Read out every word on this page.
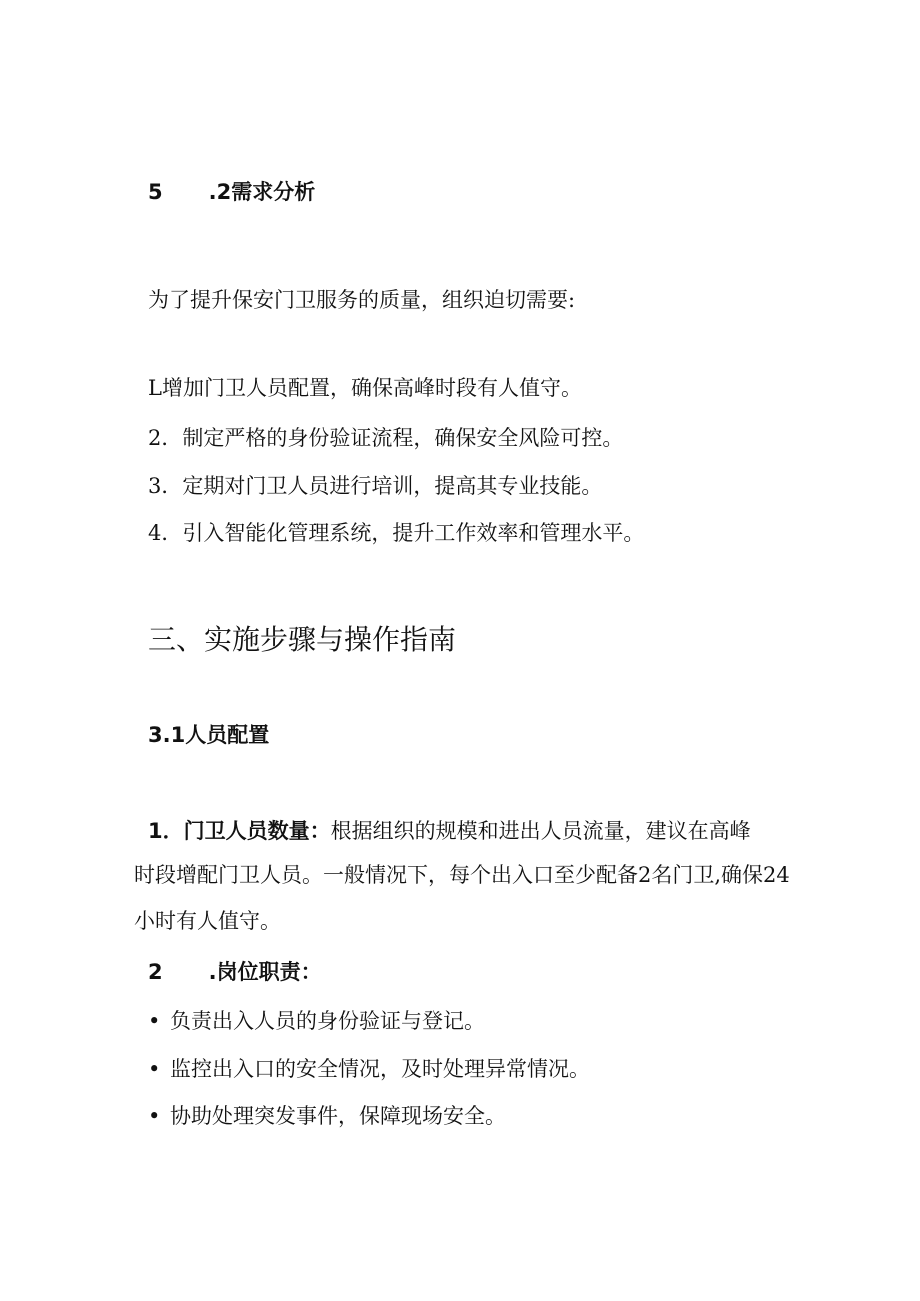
5 .2需求分析
为了提升保安门卫服务的质量，组织迫切需要:
L增加门卫人员配置，确保高峰时段有人值守。
2．制定严格的身份验证流程，确保安全风险可控。
3．定期对门卫人员进行培训，提高其专业技能。
4．引入智能化管理系统，提升工作效率和管理水平。
三、实施步骤与操作指南
3.1人员配置
1．门卫人员数量：根据组织的规模和进出人员流量，建议在高峰
时段增配门卫人员。一般情况下，每个出入口至少配备2名门卫,确保24
小时有人值守。
2 .岗位职责：
• 负责出入人员的身份验证与登记。
• 监控出入口的安全情况，及时处理异常情况。
• 协助处理突发事件，保障现场安全。
